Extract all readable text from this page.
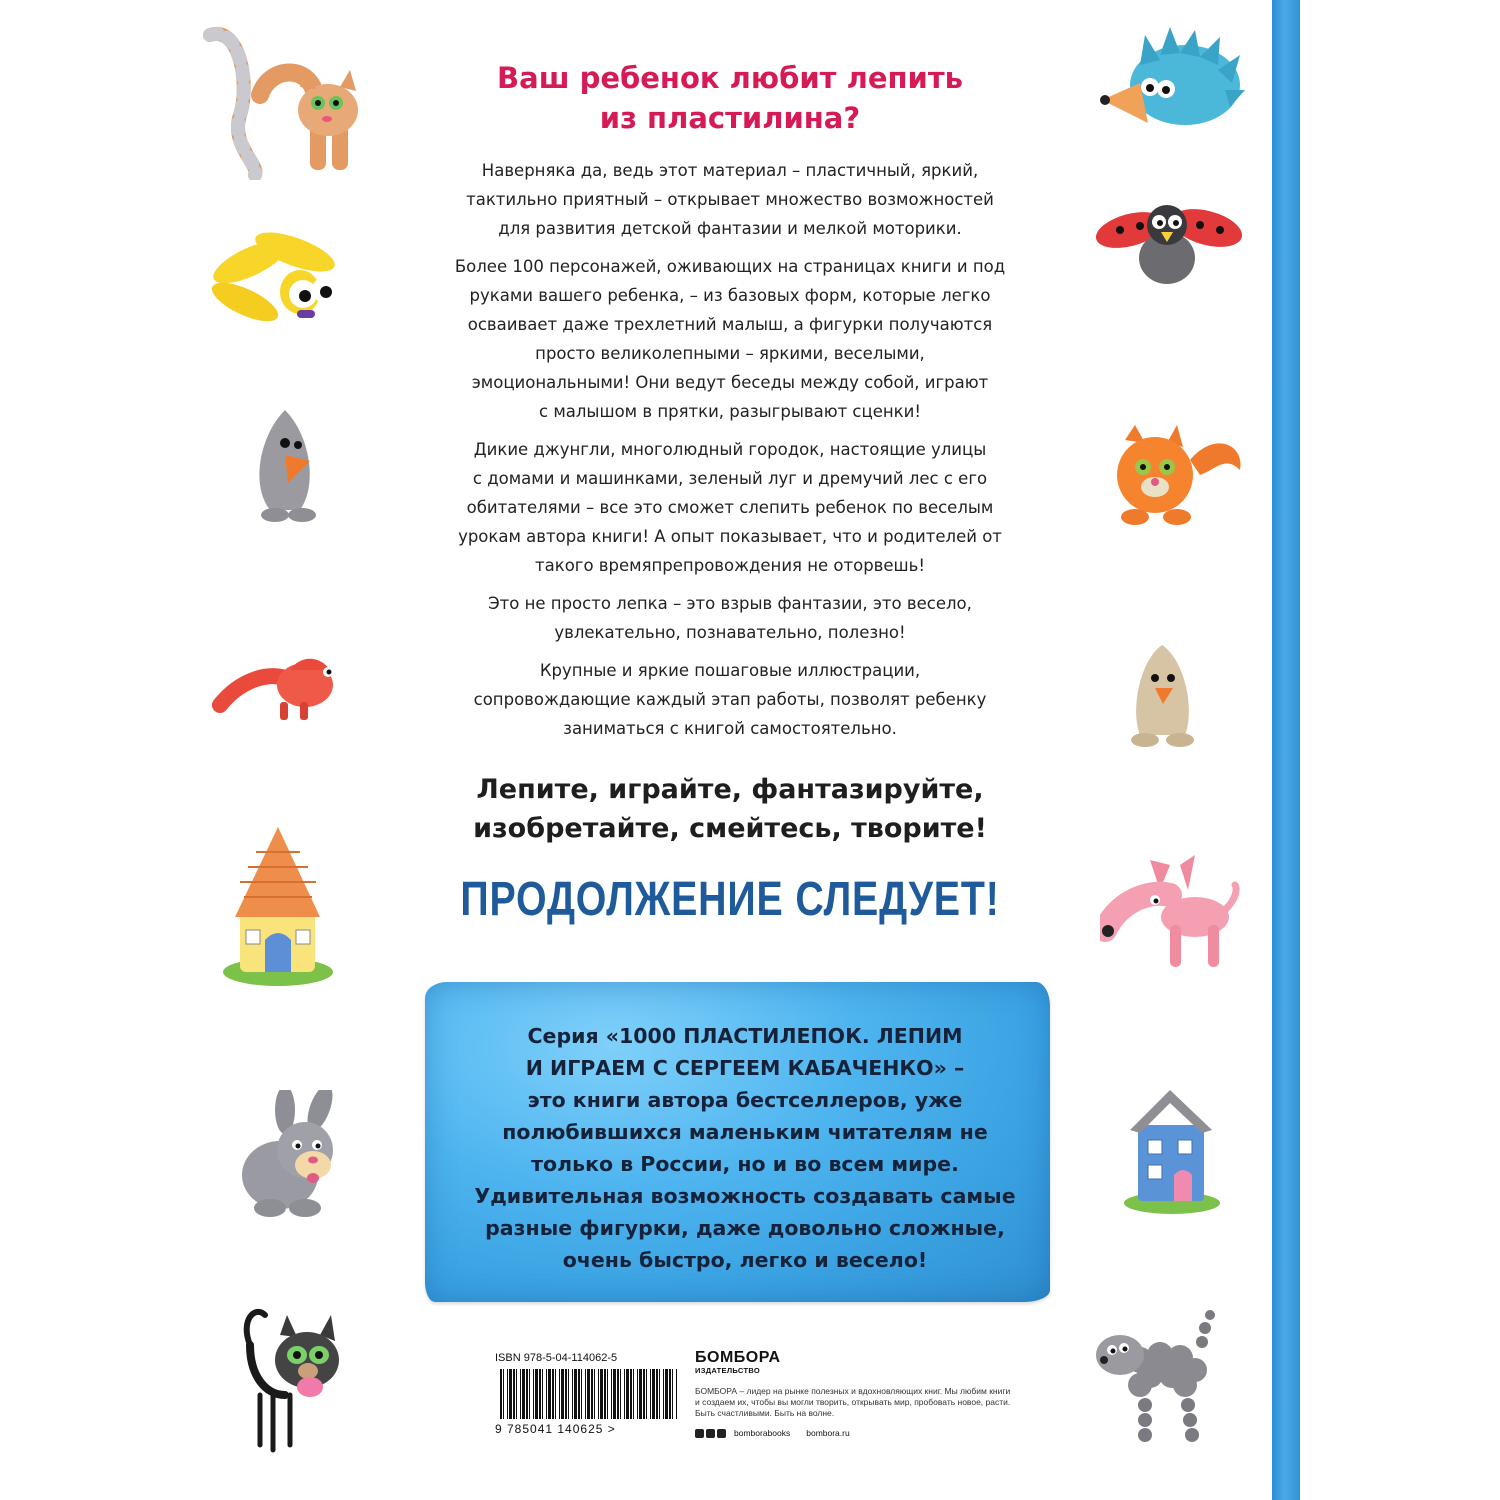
Ваш ребенок любит лепить
из пластилина?

Наверняка да, ведь этот материал – пластичный, яркий,
тактильно приятный – открывает множество возможностей
для развития детской фантазии и мелкой моторики.

Более 100 персонажей, оживающих на страницах книги и под
руками вашего ребенка, – из базовых форм, которые легко
осваивает даже трехлетний малыш, а фигурки получаются
просто великолепными – яркими, веселыми,
эмоциональными! Они ведут беседы между собой, играют
с малышом в прятки, разыгрывают сценки!

Дикие джунгли, многолюдный городок, настоящие улицы
с домами и машинками, зеленый луг и дремучий лес с его
обитателями – все это сможет слепить ребенок по веселым
урокам автора книги! А опыт показывает, что и родителей от
такого времяпрепровождения не оторвешь!

Это не просто лепка – это взрыв фантазии, это весело,
увлекательно, познавательно, полезно!

Крупные и яркие пошаговые иллюстрации,
сопровождающие каждый этап работы, позволят ребенку
заниматься с книгой самостоятельно.

Лепите, играйте, фантазируйте,
изобретайте, смейтесь, творите!
ПРОДОЛЖЕНИЕ СЛЕДУЕТ!
Серия «1000 ПЛАСТИЛЕПОК. ЛЕПИМ
И ИГРАЕМ С СЕРГЕЕМ КАБАЧЕНКО» –
это книги автора бестселлеров, уже
полюбившихся маленьким читателям не
только в России, но и во всем мире.
Удивительная возможность создавать самые
разные фигурки, даже довольно сложные,
очень быстро, легко и весело!
ISBN 978-5-04-114062-5
9 785041 140625 >
БОМБОРА
ИЗДАТЕЛЬСТВО
БОМБОРА – лидер на рынке полезных и вдохновляющих книг. Мы любим книги и создаем их, чтобы вы могли творить, открывать мир, пробовать новое, расти. Быть счастливыми. Быть на волне.
bomborabooks bombora.ru
